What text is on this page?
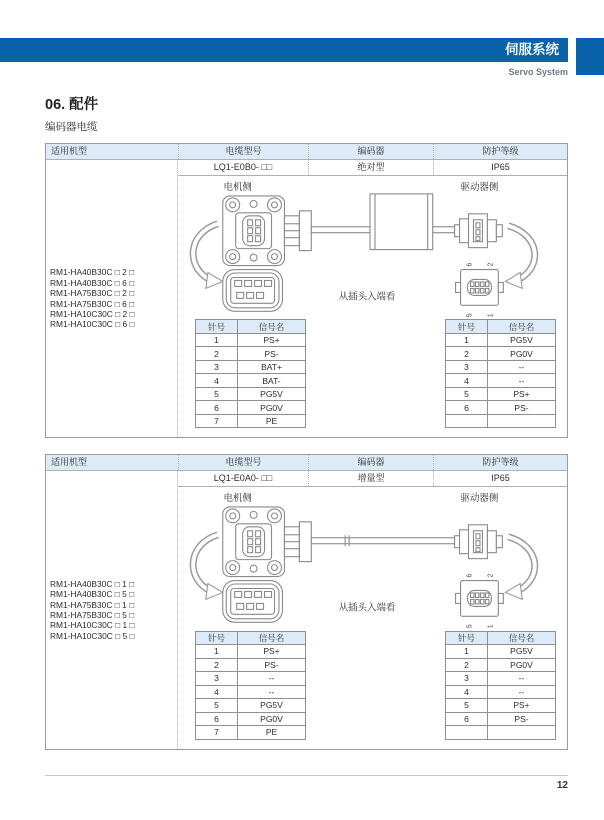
伺服系统
Servo System
06. 配件
编码器电缆
适用机型	电缆型号	编码器	防护等级
RM1-HA40B30C □ 2 □
RM1-HA40B30C □ 6 □
RM1-HA75B30C □ 2 □
RM1-HA75B30C □ 6 □
RM1-HA10C30C □ 2 □
RM1-HA10C30C □ 6 □
LQ1-E0B0- □□	绝对型	IP65
电机侧	驱动器侧
从插头入端看
6 2
5 1
针号	信号名
1	PS+
2	PS-
3	BAT+
4	BAT-
5	PG5V
6	PG0V
7	PE
针号	信号名
1	PG5V
2	PG0V
3	--
4	--
5	PS+
6	PS-

适用机型	电缆型号	编码器	防护等级
RM1-HA40B30C □ 1 □
RM1-HA40B30C □ 5 □
RM1-HA75B30C □ 1 □
RM1-HA75B30C □ 5 □
RM1-HA10C30C □ 1 □
RM1-HA10C30C □ 5 □
LQ1-E0A0- □□	增量型	IP65
电机侧	驱动器侧
从插头入端看
6 2
5 1
针号	信号名
1	PS+
2	PS-
3	--
4	--
5	PG5V
6	PG0V
7	PE
针号	信号名
1	PG5V
2	PG0V
3	--
4	--
5	PS+
6	PS-

12
